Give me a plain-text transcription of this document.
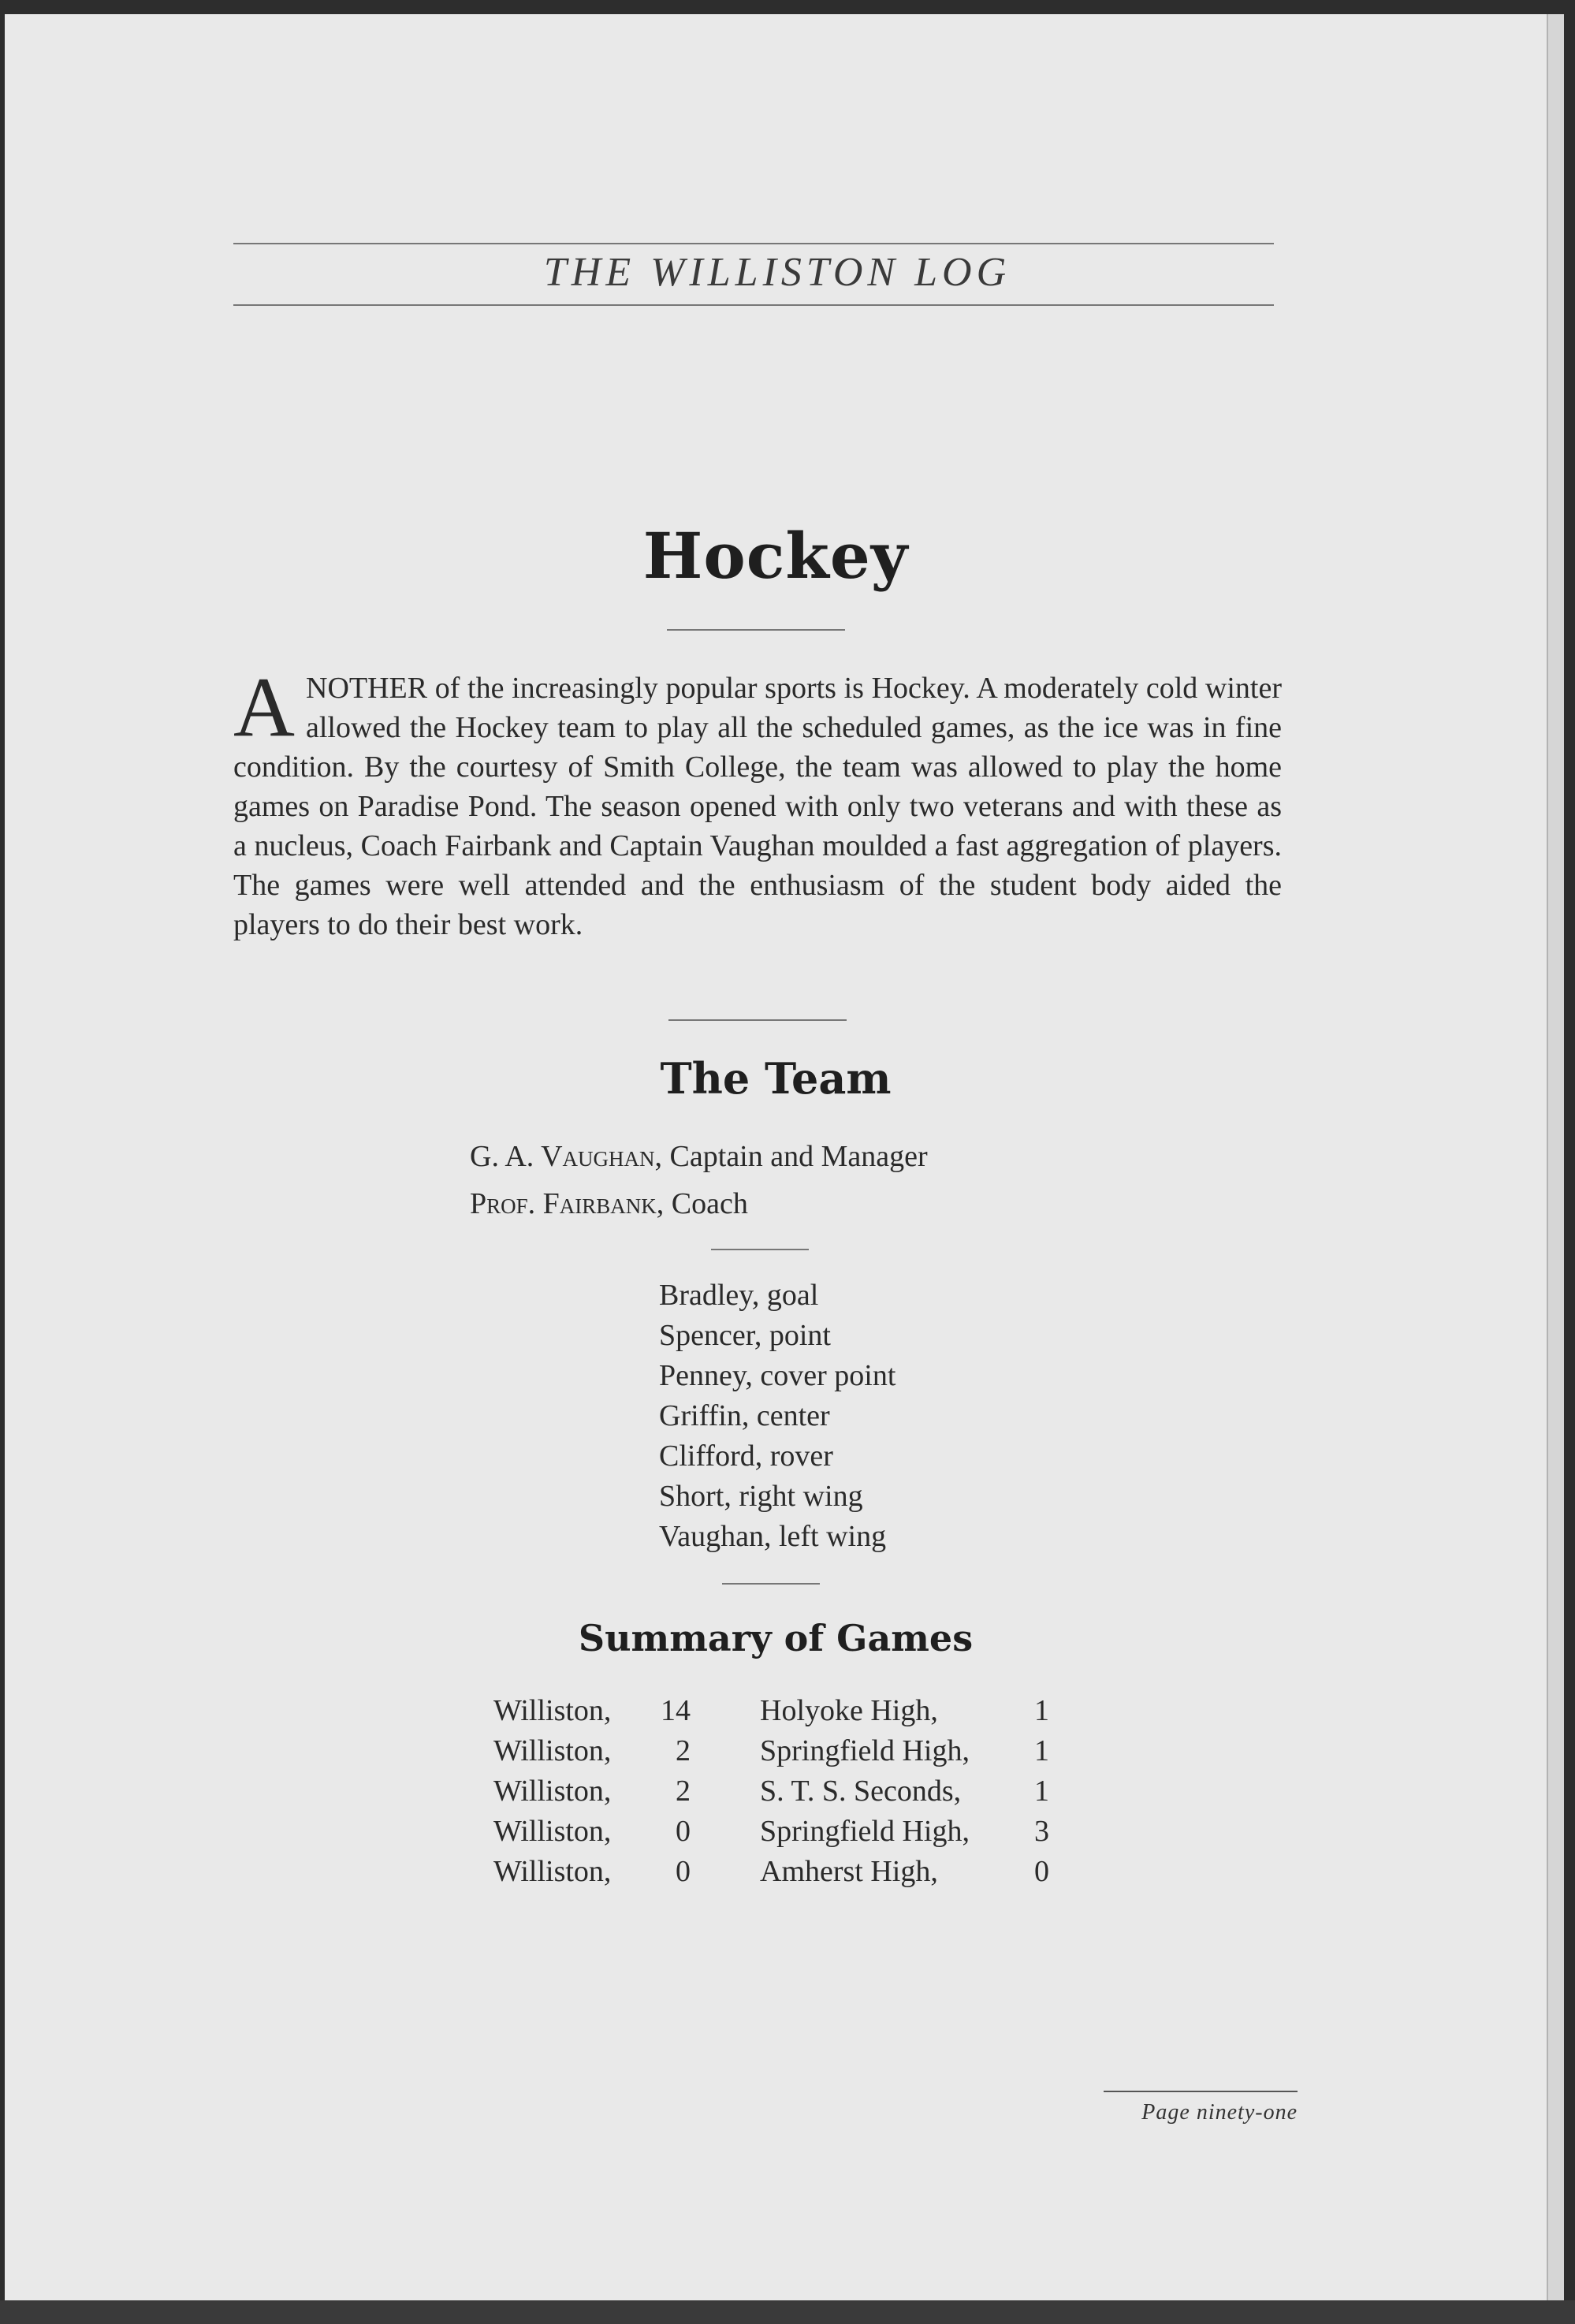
THE WILLISTON LOG
Hockey
ANOTHER of the increasingly popular sports is Hockey. A moderately cold winter allowed the Hockey team to play all the scheduled games, as the ice was in fine condition. By the courtesy of Smith College, the team was allowed to play the home games on Paradise Pond. The season opened with only two veterans and with these as a nucleus, Coach Fairbank and Captain Vaughan moulded a fast aggregation of players. The games were well attended and the enthusiasm of the student body aided the players to do their best work.
The Team
G. A. Vaughan, Captain and Manager
Prof. Fairbank, Coach
Bradley, goal
Spencer, point
Penney, cover point
Griffin, center
Clifford, rover
Short, right wing
Vaughan, left wing
Summary of Games
Williston,	14 Holyoke High,	1
Williston,	2 Springfield High,	1
Williston,	2 S. T. S. Seconds,	1
Williston,	0 Springfield High,	3
Williston,	0 Amherst High,	0
Page ninety-one
